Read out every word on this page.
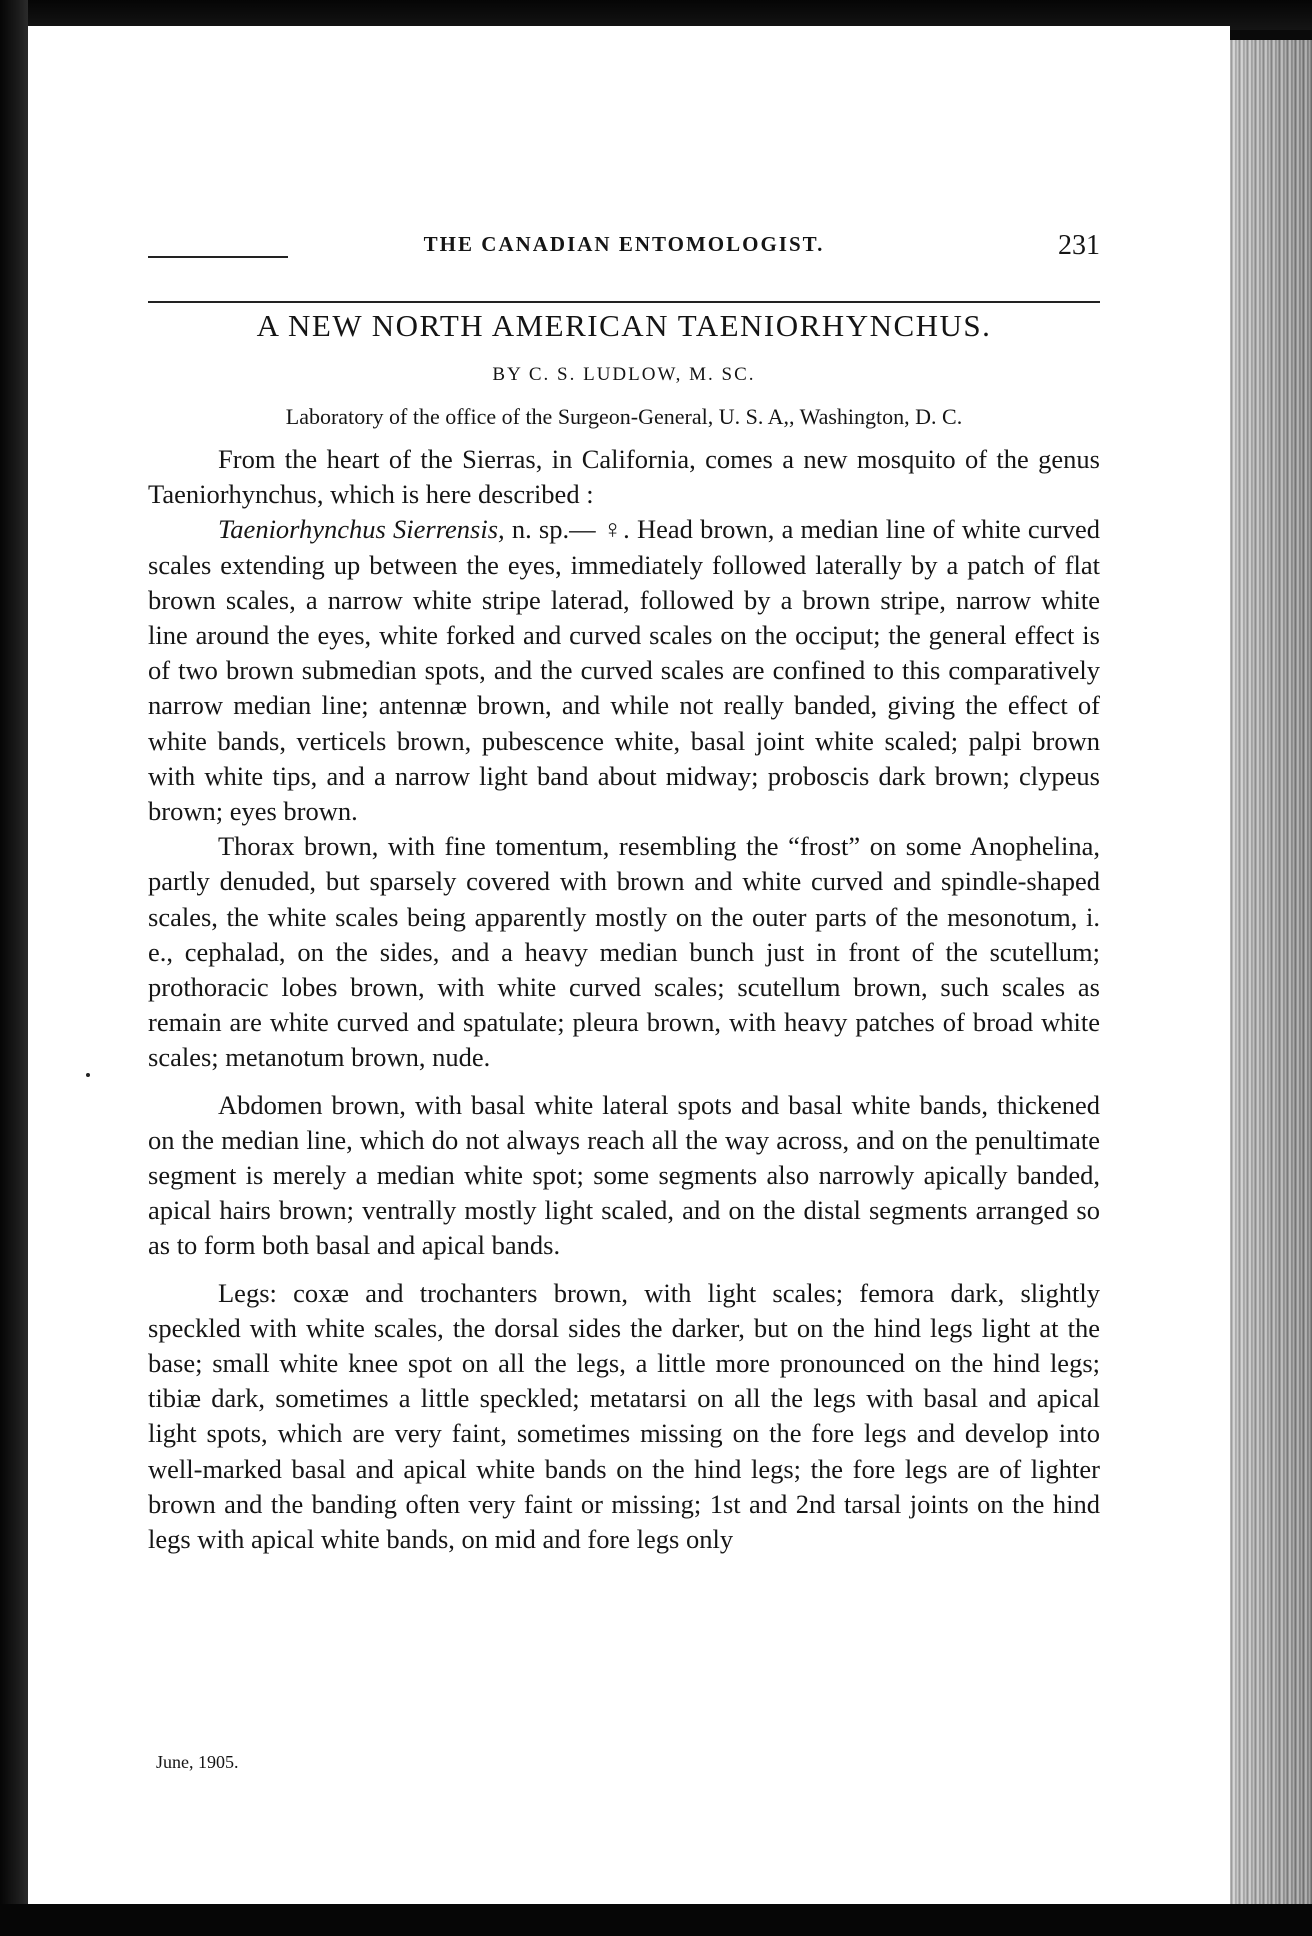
THE CANADIAN ENTOMOLOGIST.	231
A NEW NORTH AMERICAN TAENIORHYNCHUS.
BY C. S. LUDLOW, M. SC.
Laboratory of the office of the Surgeon-General, U. S. A,, Washington, D. C.

From the heart of the Sierras, in California, comes a new mosquito of the genus Taeniorhynchus, which is here described :

Taeniorhynchus Sierrensis, n. sp.— ♀. Head brown, a median line of white curved scales extending up between the eyes, immediately followed laterally by a patch of flat brown scales, a narrow white stripe laterad, followed by a brown stripe, narrow white line around the eyes, white forked and curved scales on the occiput; the general effect is of two brown submedian spots, and the curved scales are confined to this comparatively narrow median line; antennæ brown, and while not really banded, giving the effect of white bands, verticels brown, pubescence white, basal joint white scaled; palpi brown with white tips, and a narrow light band about midway; proboscis dark brown; clypeus brown; eyes brown.

Thorax brown, with fine tomentum, resembling the “frost” on some Anophelina, partly denuded, but sparsely covered with brown and white curved and spindle-shaped scales, the white scales being apparently mostly on the outer parts of the mesonotum, i. e., cephalad, on the sides, and a heavy median bunch just in front of the scutellum; prothoracic lobes brown, with white curved scales; scutellum brown, such scales as remain are white curved and spatulate; pleura brown, with heavy patches of broad white scales; metanotum brown, nude.

Abdomen brown, with basal white lateral spots and basal white bands, thickened on the median line, which do not always reach all the way across, and on the penultimate segment is merely a median white spot; some segments also narrowly apically banded, apical hairs brown; ventrally mostly light scaled, and on the distal segments arranged so as to form both basal and apical bands.

Legs: coxæ and trochanters brown, with light scales; femora dark, slightly speckled with white scales, the dorsal sides the darker, but on the hind legs light at the base; small white knee spot on all the legs, a little more pronounced on the hind legs; tibiæ dark, sometimes a little speckled; metatarsi on all the legs with basal and apical light spots, which are very faint, sometimes missing on the fore legs and develop into well-marked basal and apical white bands on the hind legs; the fore legs are of lighter brown and the banding often very faint or missing; 1st and 2nd tarsal joints on the hind legs with apical white bands, on mid and fore legs only

June, 1905.
